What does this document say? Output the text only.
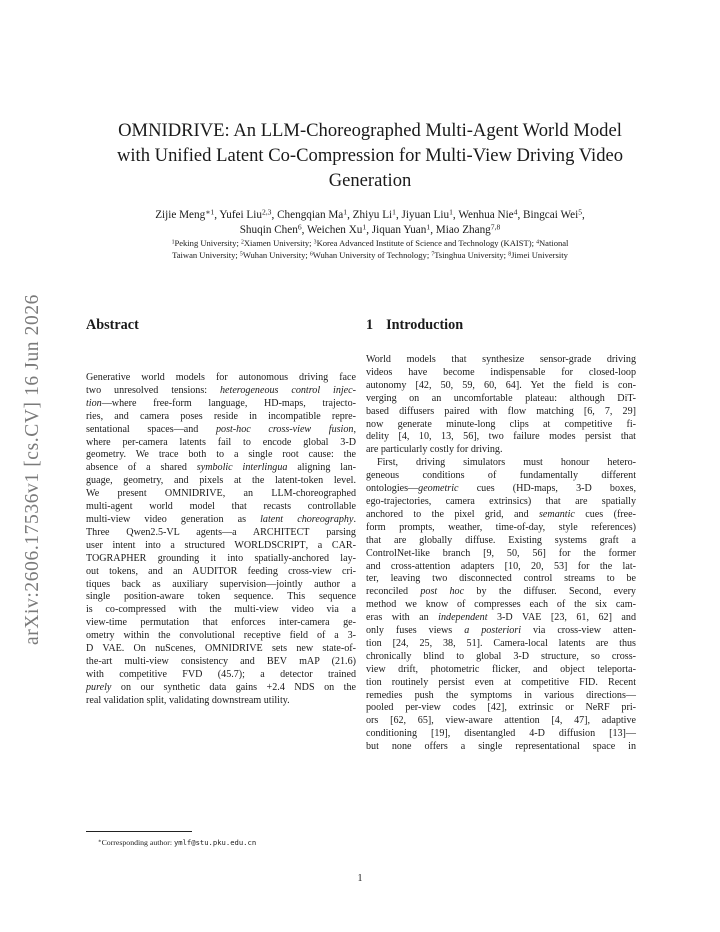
arXiv:2606.17536v1 [cs.CV] 16 Jun 2026
OMNIDRIVE: An LLM-Choreographed Multi-Agent World Model
with Unified Latent Co-Compression for Multi-View Driving Video
Generation
Zijie Meng$^{∗1}$, Yufei Liu$^{2,3}$, Chengqian Ma$^1$, Zhiyu Li$^1$, Jiyuan Liu$^1$, Wenhua Nie$^4$, Bingcai Wei$^5$,
Shuqin Chen$^6$, Weichen Xu$^1$, Jiquan Yuan$^1$, Miao Zhang$^{7,8}$
$^1$Peking University; $^2$Xiamen University; $^3$Korea Advanced Institute of Science and Technology (KAIST); $^4$National
Taiwan University; $^5$Wuhan University; $^6$Wuhan University of Technology; $^7$Tsinghua University; $^8$Jimei University
Abstract
Generative world models for autonomous driving face
two unresolved tensions: heterogeneous control injec-
tion—where free-form language, HD-maps, trajecto-
ries, and camera poses reside in incompatible repre-
sentational spaces—and post-hoc cross-view fusion,
where per-camera latents fail to encode global 3-D
geometry. We trace both to a single root cause: the
absence of a shared symbolic interlingua aligning lan-
guage, geometry, and pixels at the latent-token level.
We present OMNIDRIVE, an LLM-choreographed
multi-agent world model that recasts controllable
multi-view video generation as latent choreography.
Three Qwen2.5-VL agents—a ARCHITECT parsing
user intent into a structured WORLDSCRIPT, a CAR-
TOGRAPHER grounding it into spatially-anchored lay-
out tokens, and an AUDITOR feeding cross-view cri-
tiques back as auxiliary supervision—jointly author a
single position-aware token sequence. This sequence
is co-compressed with the multi-view video via a
view-time permutation that enforces inter-camera ge-
ometry within the convolutional receptive field of a 3-
D VAE. On nuScenes, OMNIDRIVE sets new state-of-
the-art multi-view consistency and BEV mAP (21.6)
with competitive FVD (45.7); a detector trained
purely on our synthetic data gains +2.4 NDS on the
real validation split, validating downstream utility.
1 Introduction
World models that synthesize sensor-grade driving
videos have become indispensable for closed-loop
autonomy [42, 50, 59, 60, 64]. Yet the field is con-
verging on an uncomfortable plateau: although DiT-
based diffusers paired with flow matching [6, 7, 29]
now generate minute-long clips at competitive fi-
delity [4, 10, 13, 56], two failure modes persist that
are particularly costly for driving.
First, driving simulators must honour hetero-
geneous conditions of fundamentally different
ontologies—geometric cues (HD-maps, 3-D boxes,
ego-trajectories, camera extrinsics) that are spatially
anchored to the pixel grid, and semantic cues (free-
form prompts, weather, time-of-day, style references)
that are globally diffuse. Existing systems graft a
ControlNet-like branch [9, 50, 56] for the former
and cross-attention adapters [10, 20, 53] for the lat-
ter, leaving two disconnected control streams to be
reconciled post hoc by the diffuser. Second, every
method we know of compresses each of the six cam-
eras with an independent 3-D VAE [23, 61, 62] and
only fuses views a posteriori via cross-view atten-
tion [24, 25, 38, 51]. Camera-local latents are thus
chronically blind to global 3-D structure, so cross-
view drift, photometric flicker, and object teleporta-
tion routinely persist even at competitive FID. Recent
remedies push the symptoms in various directions—
pooled per-view codes [42], extrinsic or NeRF pri-
ors [62, 65], view-aware attention [4, 47], adaptive
conditioning [19], disentangled 4-D diffusion [13]—
but none offers a single representational space in
∗Corresponding author: ymlf@stu.pku.edu.cn
1
